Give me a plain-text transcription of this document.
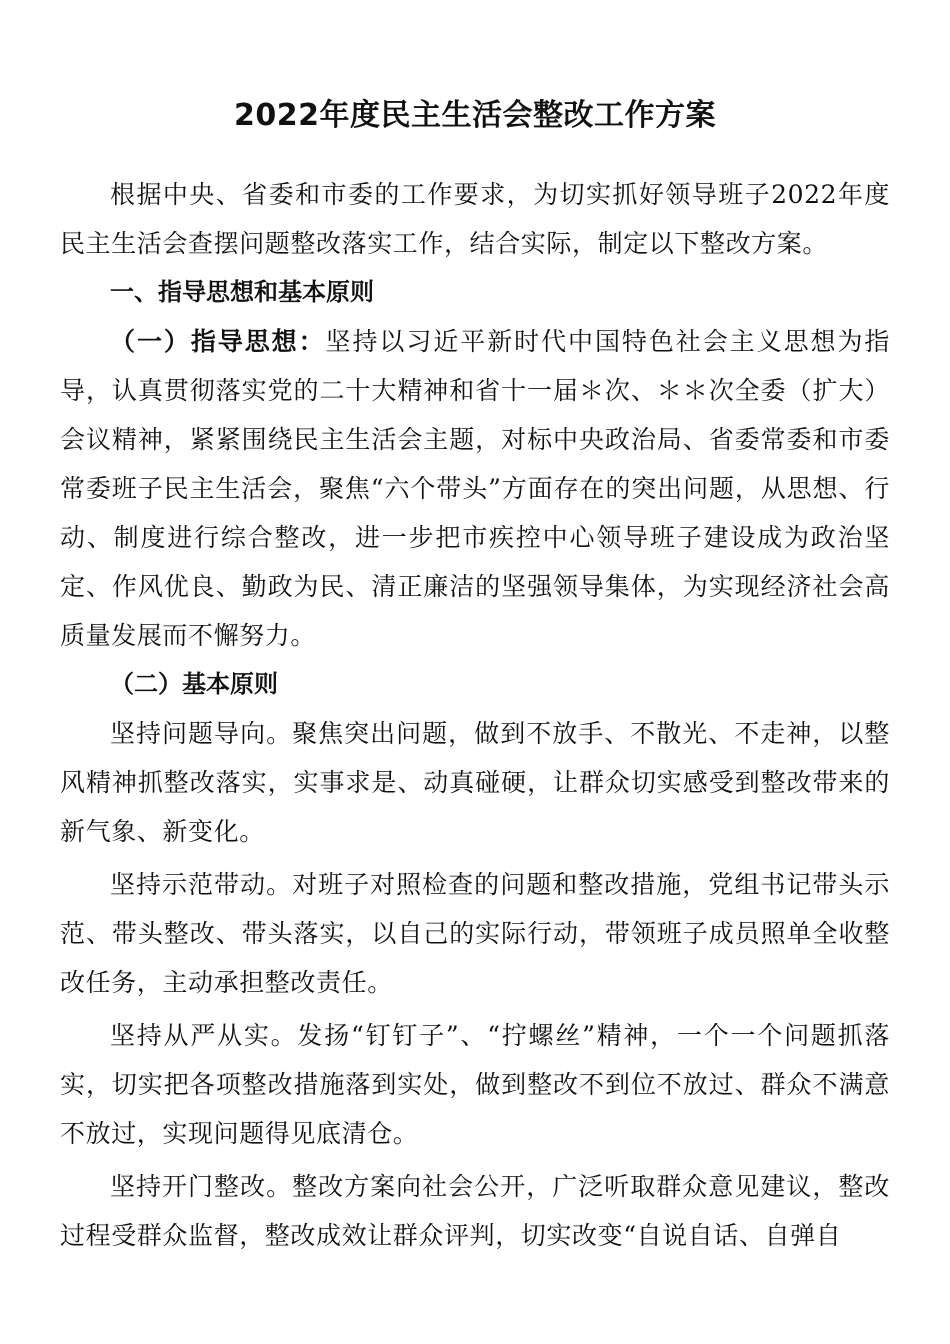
2022年度民主生活会整改工作方案

根据中央、省委和市委的工作要求，为切实抓好领导班子2022年度民主生活会查摆问题整改落实工作，结合实际，制定以下整改方案。

一、指导思想和基本原则

（一）指导思想：坚持以习近平新时代中国特色社会主义思想为指导，认真贯彻落实党的二十大精神和省十一届＊次、＊＊次全委（扩大）会议精神，紧紧围绕民主生活会主题，对标中央政治局、省委常委和市委常委班子民主生活会，聚焦“六个带头”方面存在的突出问题，从思想、行动、制度进行综合整改，进一步把市疾控中心领导班子建设成为政治坚定、作风优良、勤政为民、清正廉洁的坚强领导集体，为实现经济社会高质量发展而不懈努力。

（二）基本原则

坚持问题导向。聚焦突出问题，做到不放手、不散光、不走神，以整风精神抓整改落实，实事求是、动真碰硬，让群众切实感受到整改带来的新气象、新变化。

坚持示范带动。对班子对照检查的问题和整改措施，党组书记带头示范、带头整改、带头落实，以自己的实际行动，带领班子成员照单全收整改任务，主动承担整改责任。

坚持从严从实。发扬“钉钉子”、“拧螺丝”精神，一个一个问题抓落实，切实把各项整改措施落到实处，做到整改不到位不放过、群众不满意不放过，实现问题得见底清仓。

坚持开门整改。整改方案向社会公开，广泛听取群众意见建议，整改过程受群众监督，整改成效让群众评判，切实改变“自说自话、自弹自
